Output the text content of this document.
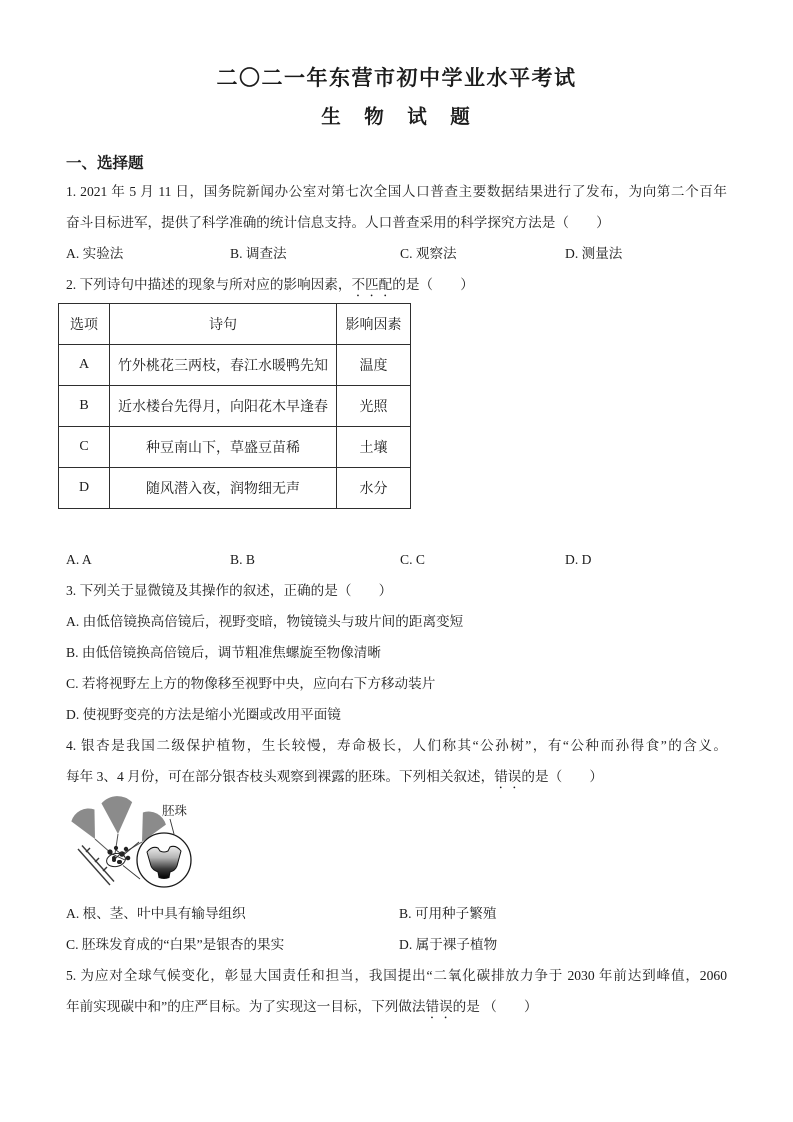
二〇二一年东营市初中学业水平考试
生　物　试　题
一、选择题
1. 2021 年 5 月 11 日，国务院新闻办公室对第七次全国人口普查主要数据结果进行了发布，为向第二个百年
奋斗目标进军，提供了科学准确的统计信息支持。人口普查采用的科学探究方法是（　　）
A. 实验法	B. 调查法	C. 观察法	D. 测量法
2. 下列诗句中描述的现象与所对应的影响因素，不匹配的是（　　）
选项	诗句	影响因素
A	竹外桃花三两枝，春江水暖鸭先知	温度
B	近水楼台先得月，向阳花木早逢春	光照
C	种豆南山下，草盛豆苗稀	土壤
D	随风潜入夜，润物细无声	水分
A. A	B. B	C. C	D. D
3. 下列关于显微镜及其操作的叙述，正确的是（　　）
A. 由低倍镜换高倍镜后，视野变暗，物镜镜头与玻片间的距离变短
B. 由低倍镜换高倍镜后，调节粗准焦螺旋至物像清晰
C. 若将视野左上方的物像移至视野中央，应向右下方移动装片
D. 使视野变亮的方法是缩小光圈或改用平面镜
4. 银杏是我国二级保护植物，生长较慢，寿命极长，人们称其“公孙树”，有“公种而孙得食”的含义。
每年 3、4 月份，可在部分银杏枝头观察到裸露的胚珠。下列相关叙述，错误的是（　　）
胚珠
A. 根、茎、叶中具有输导组织	B. 可用种子繁殖
C. 胚珠发育成的“白果”是银杏的果实	D. 属于裸子植物
5. 为应对全球气候变化，彰显大国责任和担当，我国提出“二氧化碳排放力争于 2030 年前达到峰值，2060
年前实现碳中和”的庄严目标。为了实现这一目标，下列做法错误的是 （　　）
